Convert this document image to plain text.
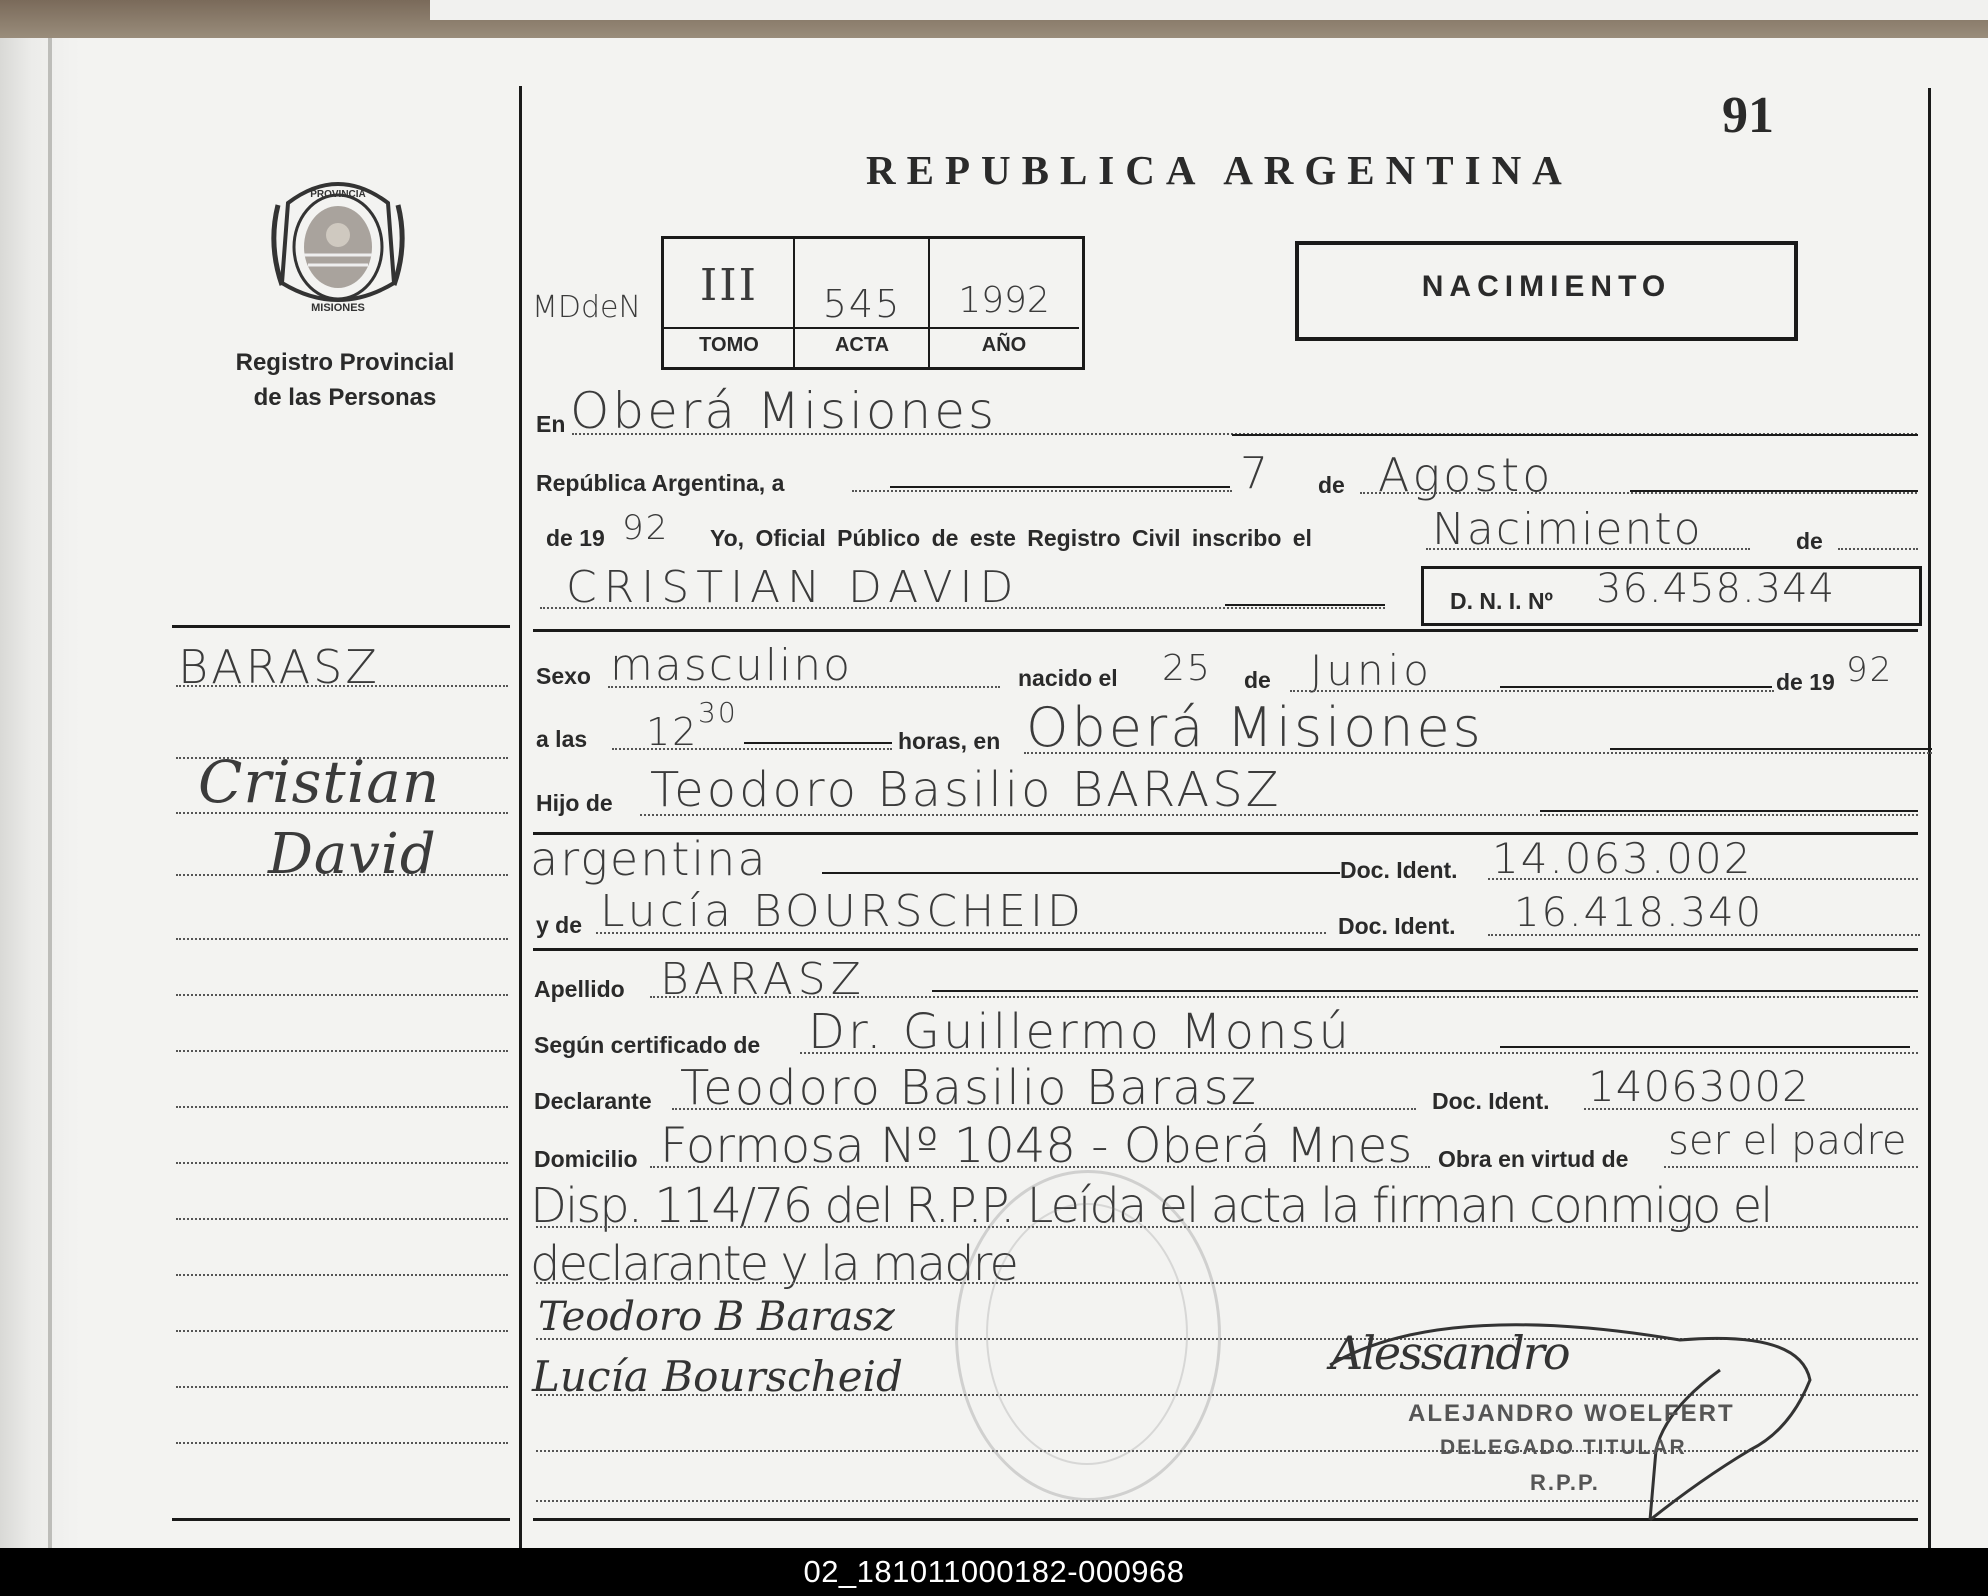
91
REPUBLICA ARGENTINA
NACIMIENTO
PROVINCIA
MISIONES
Registro Provincial
de las Personas
MDdeN	III	545	1992
TOMO	ACTA	AÑO
BARASZ
Cristian
David
En Oberá Misiones
República Argentina, a	7 de Agosto
de 19 92 Yo, Oficial Público de este Registro Civil inscribo el	Nacimiento	de
CRISTIAN DAVID	D. N. I. Nº 36.458.344
Sexo masculino	nacido el 25 de Junio	de 19 92
a las 12 30
horas, en Oberá Misiones
Hijo de Teodoro Basilio BARASZ
argentina	Doc. Ident. 14.063.002
y de Lucía BOURSCHEID	Doc. Ident. 16.418.340
Apellido BARASZ
Según certificado de Dr. Guillermo Monsú
Declarante Teodoro Basilio Barasz	Doc. Ident. 14063002
Domicilio Formosa Nº 1048 - Oberá Mnes Obra en virtud de ser el padre
Disp. 114/76 del R.P.P. Leída el acta la firman conmigo el
declarante y la madre
Teodoro B Barasz
Lucía Bourscheid	Alessandro
ALEJANDRO WOELFERT
DELEGADO TITULAR
R.P.P.
02_181011000182-000968
